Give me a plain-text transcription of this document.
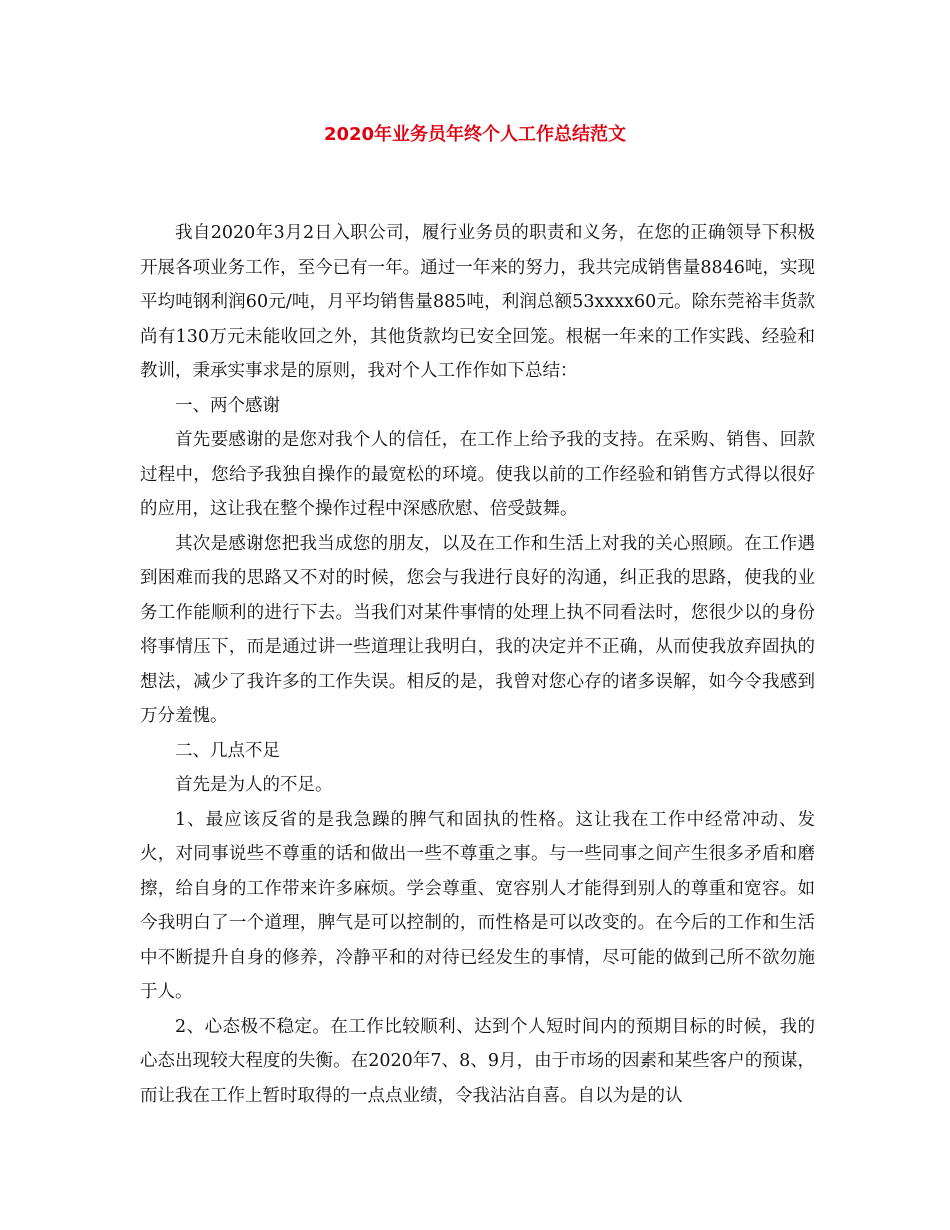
2020年业务员年终个人工作总结范文

我自2020年3月2日入职公司，履行业务员的职责和义务，在您的正确领导下积极开展各项业务工作，至今已有一年。通过一年来的努力，我共完成销售量8846吨，实现平均吨钢利润60元/吨，月平均销售量885吨，利润总额53xxxx60元。除东莞裕丰货款尚有130万元未能收回之外，其他货款均已安全回笼。根椐一年来的工作实践、经验和教训，秉承实事求是的原则，我对个人工作作如下总结：

一、两个感谢

首先要感谢的是您对我个人的信任，在工作上给予我的支持。在采购、销售、回款过程中，您给予我独自操作的最宽松的环境。使我以前的工作经验和销售方式得以很好的应用，这让我在整个操作过程中深感欣慰、倍受鼓舞。

其次是感谢您把我当成您的朋友，以及在工作和生活上对我的关心照顾。在工作遇到困难而我的思路又不对的时候，您会与我进行良好的沟通，纠正我的思路，使我的业务工作能顺利的进行下去。当我们对某件事情的处理上执不同看法时，您很少以的身份将事情压下，而是通过讲一些道理让我明白，我的决定并不正确，从而使我放弃固执的想法，减少了我许多的工作失误。相反的是，我曾对您心存的诸多误解，如今令我感到万分羞愧。

二、几点不足

首先是为人的不足。

1、最应该反省的是我急躁的脾气和固执的性格。这让我在工作中经常冲动、发火，对同事说些不尊重的话和做出一些不尊重之事。与一些同事之间产生很多矛盾和磨擦，给自身的工作带来许多麻烦。学会尊重、宽容别人才能得到别人的尊重和宽容。如今我明白了一个道理，脾气是可以控制的，而性格是可以改变的。在今后的工作和生活中不断提升自身的修养，冷静平和的对待已经发生的事情，尽可能的做到己所不欲勿施于人。

2、心态极不稳定。在工作比较顺利、达到个人短时间内的预期目标的时候，我的心态出现较大程度的失衡。在2020年7、8、9月，由于市场的因素和某些客户的预谋，而让我在工作上暂时取得的一点点业绩，令我沾沾自喜。自以为是的认
